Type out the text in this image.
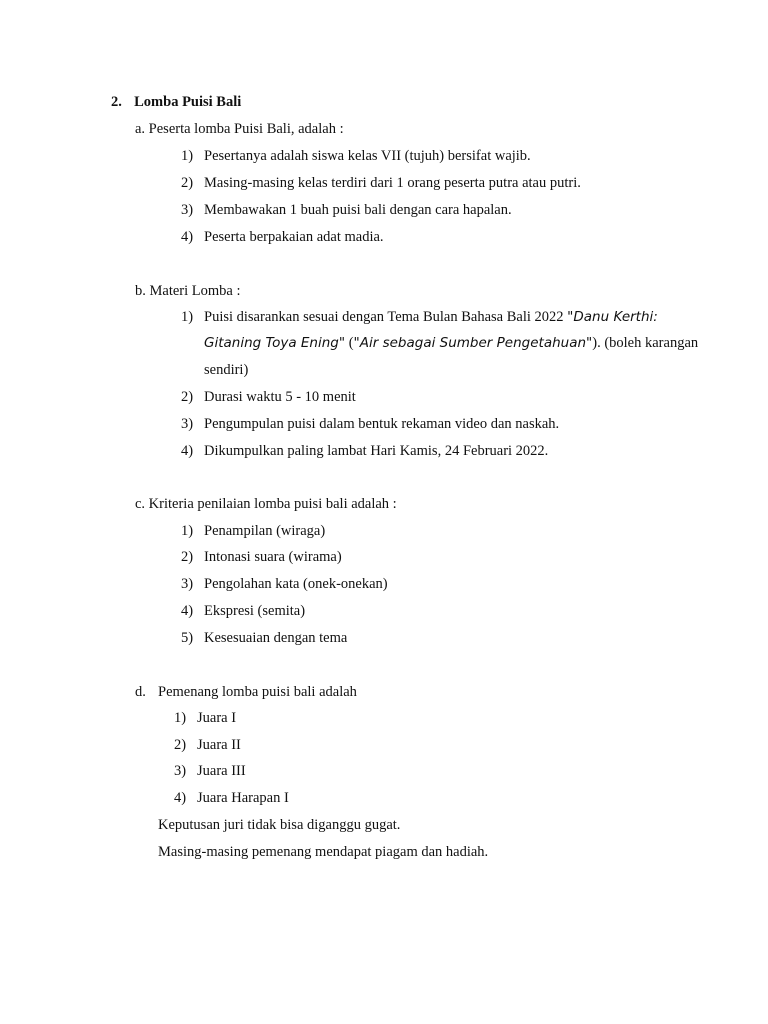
2. Lomba Puisi Bali
a. Peserta lomba Puisi Bali, adalah :
1) Pesertanya adalah siswa kelas VII (tujuh) bersifat wajib.
2) Masing-masing kelas terdiri dari 1 orang peserta putra atau putri.
3) Membawakan 1 buah puisi bali dengan cara hapalan.
4) Peserta berpakaian adat madia.
b. Materi Lomba :
1) Puisi disarankan sesuai dengan Tema Bulan Bahasa Bali 2022 "Danu Kerthi:
Gitaning Toya Ening" ("Air sebagai Sumber Pengetahuan"). (boleh karangan
sendiri)
2) Durasi waktu 5 - 10 menit
3) Pengumpulan puisi dalam bentuk rekaman video dan naskah.
4) Dikumpulkan paling lambat Hari Kamis, 24 Februari 2022.
c. Kriteria penilaian lomba puisi bali adalah :
1) Penampilan (wiraga)
2) Intonasi suara (wirama)
3) Pengolahan kata (onek-onekan)
4) Ekspresi (semita)
5) Kesesuaian dengan tema
d. Pemenang lomba puisi bali adalah
1) Juara I
2) Juara II
3) Juara III
4) Juara Harapan I
Keputusan juri tidak bisa diganggu gugat.
Masing-masing pemenang mendapat piagam dan hadiah.
